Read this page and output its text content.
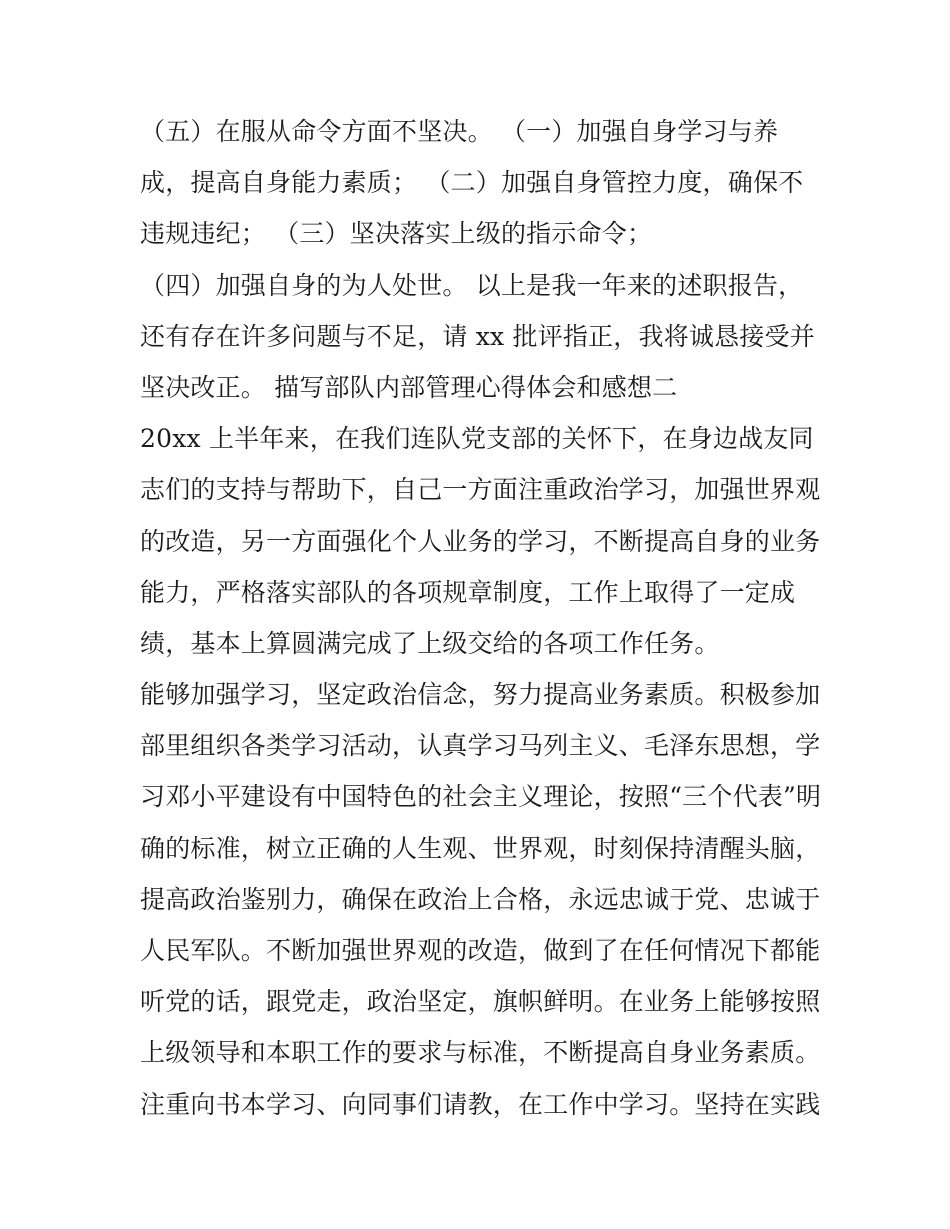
（五）在服从命令方面不坚决。 （一）加强自身学习与养
成，提高自身能力素质； （二）加强自身管控力度，确保不
违规违纪； （三）坚决落实上级的指示命令；
（四）加强自身的为人处世。 以上是我一年来的述职报告，
还有存在许多问题与不足，请 xx 批评指正，我将诚恳接受并
坚决改正。 描写部队内部管理心得体会和感想二
20xx 上半年来，在我们连队党支部的关怀下，在身边战友同
志们的支持与帮助下，自己一方面注重政治学习，加强世界观
的改造，另一方面强化个人业务的学习，不断提高自身的业务
能力，严格落实部队的各项规章制度，工作上取得了一定成
绩，基本上算圆满完成了上级交给的各项工作任务。
能够加强学习，坚定政治信念，努力提高业务素质。积极参加
部里组织各类学习活动，认真学习马列主义、毛泽东思想，学
习邓小平建设有中国特色的社会主义理论，按照“三个代表”明
确的标准，树立正确的人生观、世界观，时刻保持清醒头脑，
提高政治鉴别力，确保在政治上合格，永远忠诚于党、忠诚于
人民军队。不断加强世界观的改造，做到了在任何情况下都能
听党的话，跟党走，政治坚定，旗帜鲜明。在业务上能够按照
上级领导和本职工作的要求与标准，不断提高自身业务素质。
注重向书本学习、向同事们请教，在工作中学习。坚持在实践
